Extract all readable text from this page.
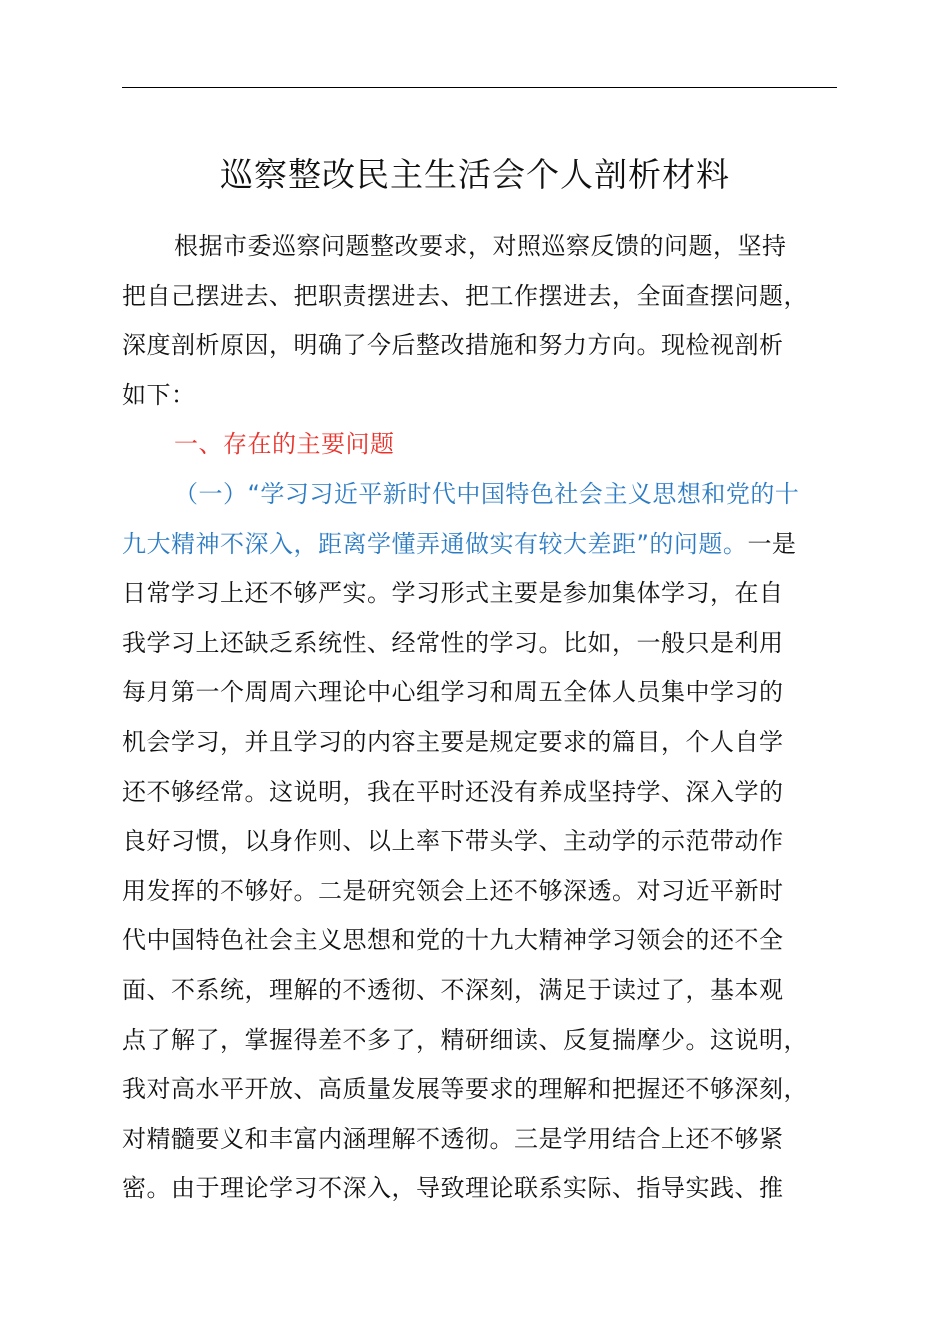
巡察整改民主生活会个人剖析材料
根据市委巡察问题整改要求，对照巡察反馈的问题，坚持
把自己摆进去、把职责摆进去、把工作摆进去，全面查摆问题，
深度剖析原因，明确了今后整改措施和努力方向。现检视剖析
如下：
一、存在的主要问题
（一）“学习习近平新时代中国特色社会主义思想和党的十
九大精神不深入，距离学懂弄通做实有较大差距”的问题。一是
日常学习上还不够严实。学习形式主要是参加集体学习，在自
我学习上还缺乏系统性、经常性的学习。比如，一般只是利用
每月第一个周周六理论中心组学习和周五全体人员集中学习的
机会学习，并且学习的内容主要是规定要求的篇目，个人自学
还不够经常。这说明，我在平时还没有养成坚持学、深入学的
良好习惯，以身作则、以上率下带头学、主动学的示范带动作
用发挥的不够好。二是研究领会上还不够深透。对习近平新时
代中国特色社会主义思想和党的十九大精神学习领会的还不全
面、不系统，理解的不透彻、不深刻，满足于读过了，基本观
点了解了，掌握得差不多了，精研细读、反复揣摩少。这说明，
我对高水平开放、高质量发展等要求的理解和把握还不够深刻，
对精髓要义和丰富内涵理解不透彻。三是学用结合上还不够紧
密。由于理论学习不深入，导致理论联系实际、指导实践、推
